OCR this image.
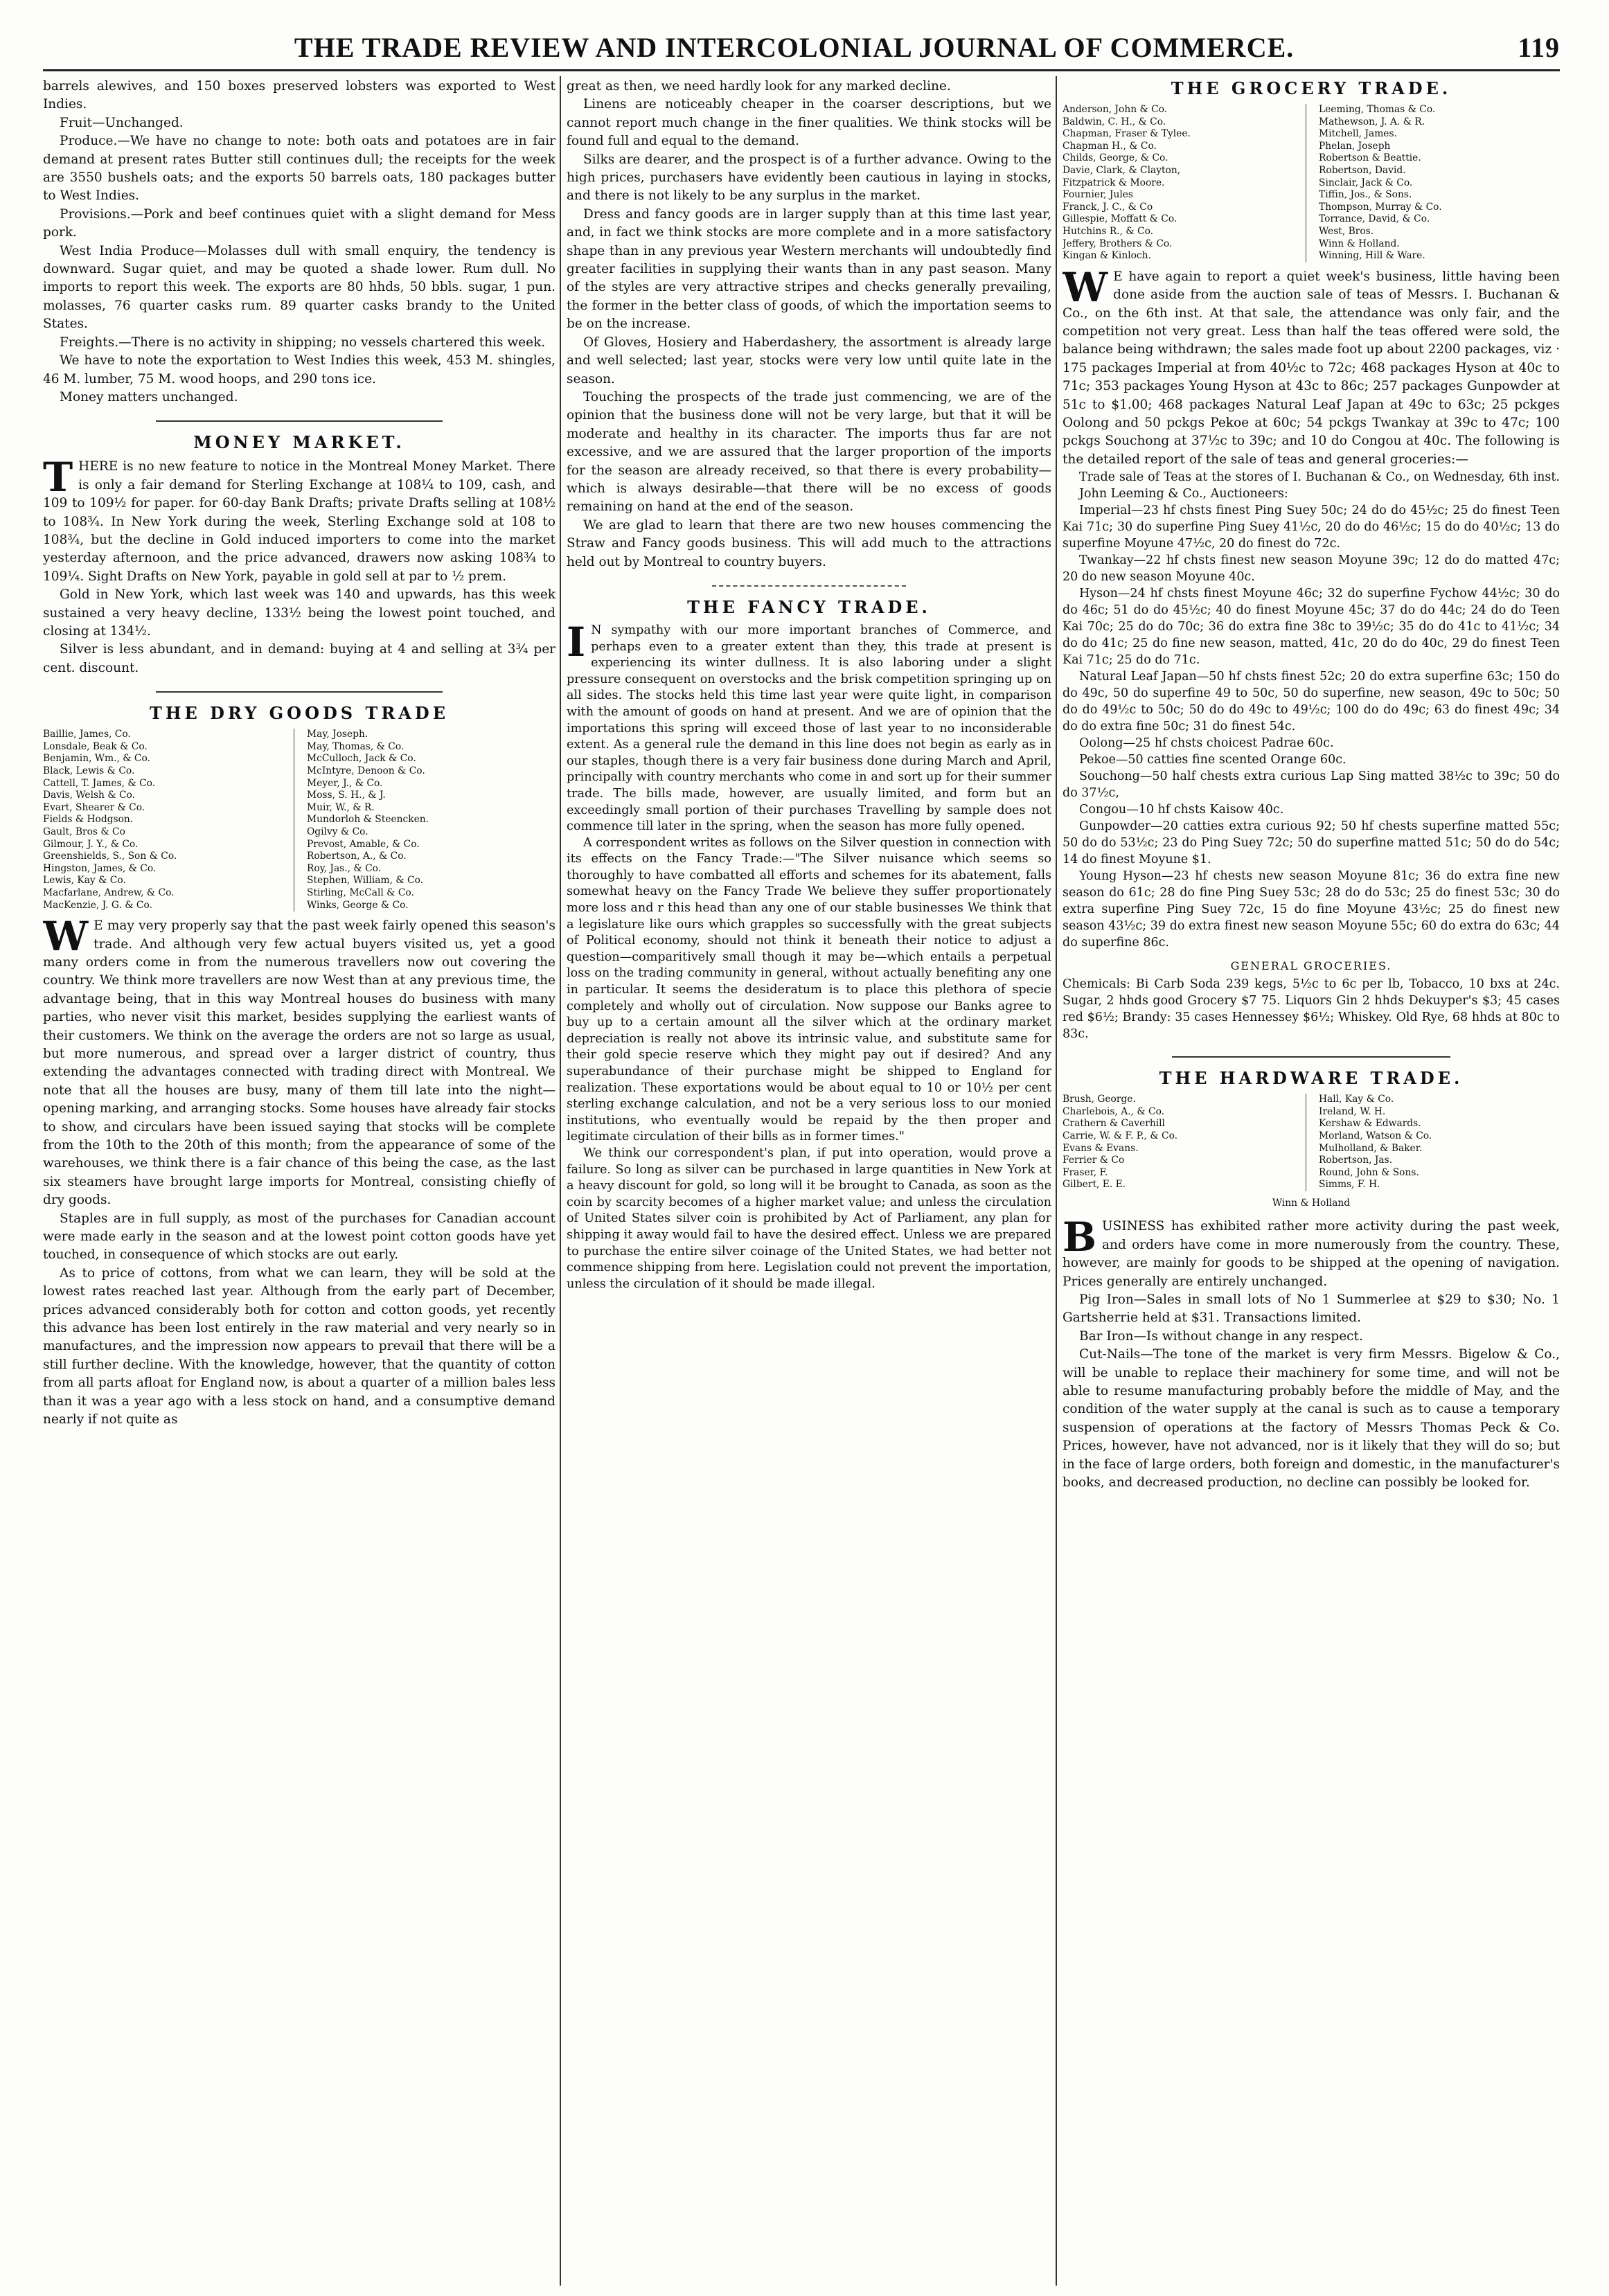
THE TRADE REVIEW AND INTERCOLONIAL JOURNAL OF COMMERCE.	119

barrels alewives, and 150 boxes preserved lobsters was exported to West Indies.

Fruit—Unchanged.

Produce.—We have no change to note: both oats and potatoes are in fair demand at present rates Butter still continues dull; the receipts for the week are 3550 bushels oats; and the exports 50 barrels oats, 180 packages butter to West Indies.

Provisions.—Pork and beef continues quiet with a slight demand for Mess pork.

West India Produce—Molasses dull with small enquiry, the tendency is downward. Sugar quiet, and may be quoted a shade lower. Rum dull. No imports to report this week. The exports are 80 hhds, 50 bbls. sugar, 1 pun. molasses, 76 quarter casks rum. 89 quarter casks brandy to the United States.

Freights.—There is no activity in shipping; no vessels chartered this week.

We have to note the exportation to West Indies this week, 453 M. shingles, 46 M. lumber, 75 M. wood hoops, and 290 tons ice.

Money matters unchanged.

MONEY MARKET.

THERE is no new feature to notice in the Montreal Money Market. There is only a fair demand for Sterling Exchange at 108¼ to 109, cash, and 109 to 109½ for paper. for 60-day Bank Drafts; private Drafts selling at 108½ to 108¾. In New York during the week, Sterling Exchange sold at 108 to 108¾, but the decline in Gold induced importers to come into the market yesterday afternoon, and the price advanced, drawers now asking 108¾ to 109¼. Sight Drafts on New York, payable in gold sell at par to ½ prem.

Gold in New York, which last week was 140 and upwards, has this week sustained a very heavy decline, 133½ being the lowest point touched, and closing at 134½.

Silver is less abundant, and in demand: buying at 4 and selling at 3¾ per cent. discount.

THE DRY GOODS TRADE
Baillie, James, Co.
Lonsdale, Beak & Co.
Benjamin, Wm., & Co.
Black, Lewis & Co.
Cattell, T. James, & Co.
Davis, Welsh & Co.
Evart, Shearer & Co.
Fields & Hodgson.
Gault, Bros & Co
Gilmour, J. Y., & Co.
Greenshields, S., Son & Co.
Hingston, James, & Co.
Lewis, Kay & Co.
Macfarlane, Andrew, & Co.
MacKenzie, J. G. & Co.
May, Joseph.
May, Thomas, & Co.
McCulloch, Jack & Co.
McIntyre, Denoon & Co.
Meyer, J., & Co.
Moss, S. H., & J.
Muir, W., & R.
Mundorloh & Steencken.
Ogilvy & Co.
Prevost, Amable, & Co.
Robertson, A., & Co.
Roy, Jas., & Co.
Stephen, William, & Co.
Stirling, McCall & Co.
Winks, George & Co.

W E may very properly say that the past week fairly opened this season's trade. And although very few actual buyers visited us, yet a good many orders come in from the numerous travellers now out covering the country. We think more travellers are now West than at any previous time, the advantage being, that in this way Montreal houses do business with many parties, who never visit this market, besides supplying the earliest wants of their customers. We think on the average the orders are not so large as usual, but more numerous, and spread over a larger district of country, thus extending the advantages connected with trading direct with Montreal. We note that all the houses are busy, many of them till late into the night—opening marking, and arranging stocks. Some houses have already fair stocks to show, and circulars have been issued saying that stocks will be complete from the 10th to the 20th of this month; from the appearance of some of the warehouses, we think there is a fair chance of this being the case, as the last six steamers have brought large imports for Montreal, consisting chiefly of dry goods.

Staples are in full supply, as most of the purchases for Canadian account were made early in the season and at the lowest point cotton goods have yet touched, in consequence of which stocks are out early.

As to price of cottons, from what we can learn, they will be sold at the lowest rates reached last year. Although from the early part of December, prices advanced considerably both for cotton and cotton goods, yet recently this advance has been lost entirely in the raw material and very nearly so in manufactures, and the impression now appears to prevail that there will be a still further decline. With the knowledge, however, that the quantity of cotton from all parts afloat for England now, is about a quarter of a million bales less than it was a year ago with a less stock on hand, and a consumptive demand nearly if not quite as

great as then, we need hardly look for any marked decline.

Linens are noticeably cheaper in the coarser descriptions, but we cannot report much change in the finer qualities. We think stocks will be found full and equal to the demand.

Silks are dearer, and the prospect is of a further advance. Owing to the high prices, purchasers have evidently been cautious in laying in stocks, and there is not likely to be any surplus in the market.

Dress and fancy goods are in larger supply than at this time last year, and, in fact we think stocks are more complete and in a more satisfactory shape than in any previous year Western merchants will undoubtedly find greater facilities in supplying their wants than in any past season. Many of the styles are very attractive stripes and checks generally prevailing, the former in the better class of goods, of which the importation seems to be on the increase.

Of Gloves, Hosiery and Haberdashery, the assortment is already large and well selected; last year, stocks were very low until quite late in the season.

Touching the prospects of the trade just commencing, we are of the opinion that the business done will not be very large, but that it will be moderate and healthy in its character. The imports thus far are not excessive, and we are assured that the larger proportion of the imports for the season are already received, so that there is every probability—which is always desirable—that there will be no excess of goods remaining on hand at the end of the season.

We are glad to learn that there are two new houses commencing the Straw and Fancy goods business. This will add much to the attractions held out by Montreal to country buyers.

THE FANCY TRADE.

I N sympathy with our more important branches of Commerce, and perhaps even to a greater extent than they, this trade at present is experiencing its winter dullness. It is also laboring under a slight pressure consequent on overstocks and the brisk competition springing up on all sides. The stocks held this time last year were quite light, in comparison with the amount of goods on hand at present. And we are of opinion that the importations this spring will exceed those of last year to no inconsiderable extent. As a general rule the demand in this line does not begin as early as in our staples, though there is a very fair business done during March and April, principally with country merchants who come in and sort up for their summer trade. The bills made, however, are usually limited, and form but an exceedingly small portion of their purchases Travelling by sample does not commence till later in the spring, when the season has more fully opened.

A correspondent writes as follows on the Silver question in connection with its effects on the Fancy Trade:—"The Silver nuisance which seems so thoroughly to have combatted all efforts and schemes for its abatement, falls somewhat heavy on the Fancy Trade We believe they suffer proportionately more loss and r this head than any one of our stable businesses We think that a legislature like ours which grapples so successfully with the great subjects of Political economy, should not think it beneath their notice to adjust a question—comparitively small though it may be—which entails a perpetual loss on the trading community in general, without actually benefiting any one in particular. It seems the desideratum is to place this plethora of specie completely and wholly out of circulation. Now suppose our Banks agree to buy up to a certain amount all the silver which at the ordinary market depreciation is really not above its intrinsic value, and substitute same for their gold specie reserve which they might pay out if desired? And any superabundance of their purchase might be shipped to England for realization. These exportations would be about equal to 10 or 10½ per cent sterling exchange calculation, and not be a very serious loss to our monied institutions, who eventually would be repaid by the then proper and legitimate circulation of their bills as in former times."

We think our correspondent's plan, if put into operation, would prove a failure. So long as silver can be purchased in large quantities in New York at a heavy discount for gold, so long will it be brought to Canada, as soon as the coin by scarcity becomes of a higher market value; and unless the circulation of United States silver coin is prohibited by Act of Parliament, any plan for shipping it away would fail to have the desired effect. Unless we are prepared to purchase the entire silver coinage of the United States, we had better not commence shipping from here. Legislation could not prevent the importation, unless the circulation of it should be made illegal.

THE GROCERY TRADE.
Anderson, John & Co.
Baldwin, C. H., & Co.
Chapman, Fraser & Tylee.
Chapman H., & Co.
Childs, George, & Co.
Davie, Clark, & Clayton,
Fitzpatrick & Moore.
Fournier, Jules
Franck, J. C., & Co
Gillespie, Moffatt & Co.
Hutchins R., & Co.
Jeffery, Brothers & Co.
Kingan & Kinloch.
Leeming, Thomas & Co.
Mathewson, J. A. & R.
Mitchell, James.
Phelan, Joseph
Robertson & Beattie.
Robertson, David.
Sinclair, Jack & Co.
Tiffin, Jos., & Sons.
Thompson, Murray & Co.
Torrance, David, & Co.
West, Bros.
Winn & Holland.
Winning, Hill & Ware.

W E have again to report a quiet week's business, little having been done aside from the auction sale of teas of Messrs. I. Buchanan & Co., on the 6th inst. At that sale, the attendance was only fair, and the competition not very great. Less than half the teas offered were sold, the balance being withdrawn; the sales made foot up about 2200 packages, viz · 175 packages Imperial at from 40½c to 72c; 468 packages Hyson at 40c to 71c; 353 packages Young Hyson at 43c to 86c; 257 packages Gunpowder at 51c to $1.00; 468 packages Natural Leaf Japan at 49c to 63c; 25 pckges Oolong and 50 pckgs Pekoe at 60c; 54 pckgs Twankay at 39c to 47c; 100 pckgs Souchong at 37½c to 39c; and 10 do Congou at 40c. The following is the detailed report of the sale of teas and general groceries:—

Trade sale of Teas at the stores of I. Buchanan & Co., on Wednesday, 6th inst. John Leeming & Co., Auctioneers:

Imperial—23 hf chsts finest Ping Suey 50c; 24 do do 45½c; 25 do finest Teen Kai 71c; 30 do superfine Ping Suey 41½c, 20 do do 46½c; 15 do do 40½c; 13 do superfine Moyune 47½c, 20 do finest do 72c.

Twankay—22 hf chsts finest new season Moyune 39c; 12 do do matted 47c; 20 do new season Moyune 40c.

Hyson—24 hf chsts finest Moyune 46c; 32 do superfine Fychow 44½c; 30 do do 46c; 51 do do 45½c; 40 do finest Moyune 45c; 37 do do 44c; 24 do do Teen Kai 70c; 25 do do 70c; 36 do extra fine 38c to 39½c; 35 do do 41c to 41½c; 34 do do 41c; 25 do fine new season, matted, 41c, 20 do do 40c, 29 do finest Teen Kai 71c; 25 do do 71c.

Natural Leaf Japan—50 hf chsts finest 52c; 20 do extra superfine 63c; 150 do do 49c, 50 do superfine 49 to 50c, 50 do superfine, new season, 49c to 50c; 50 do do 49½c to 50c; 50 do do 49c to 49½c; 100 do do 49c; 63 do finest 49c; 34 do do extra fine 50c; 31 do finest 54c.

Oolong—25 hf chsts choicest Padrae 60c.

Pekoe—50 catties fine scented Orange 60c.

Souchong—50 half chests extra curious Lap Sing matted 38½c to 39c; 50 do do 37½c,

Congou—10 hf chsts Kaisow 40c.

Gunpowder—20 catties extra curious 92; 50 hf chests superfine matted 55c; 50 do do 53½c; 23 do Ping Suey 72c; 50 do superfine matted 51c; 50 do do 54c; 14 do finest Moyune $1.

Young Hyson—23 hf chests new season Moyune 81c; 36 do extra fine new season do 61c; 28 do fine Ping Suey 53c; 28 do do 53c; 25 do finest 53c; 30 do extra superfine Ping Suey 72c, 15 do fine Moyune 43½c; 25 do finest new season 43½c; 39 do extra finest new season Moyune 55c; 60 do extra do 63c; 44 do superfine 86c.

GENERAL GROCERIES.

Chemicals: Bi Carb Soda 239 kegs, 5½c to 6c per lb, Tobacco, 10 bxs at 24c. Sugar, 2 hhds good Grocery $7 75. Liquors Gin 2 hhds Dekuyper's $3; 45 cases red $6½; Brandy: 35 cases Hennessey $6½; Whiskey. Old Rye, 68 hhds at 80c to 83c.

THE HARDWARE TRADE.
Brush, George.
Charlebois, A., & Co.
Crathern & Caverhill
Carrie, W. & F. P., & Co.
Evans & Evans.
Ferrier & Co
Fraser, F.
Gilbert, E. E.
Hall, Kay & Co.
Ireland, W. H.
Kershaw & Edwards.
Morland, Watson & Co.
Mulholland, & Baker.
Robertson, Jas.
Round, John & Sons.
Simms, F. H.
Winn & Holland

BUSINESS has exhibited rather more activity during the past week, and orders have come in more numerously from the country. These, however, are mainly for goods to be shipped at the opening of navigation. Prices generally are entirely unchanged.

Pig Iron—Sales in small lots of No 1 Summerlee at $29 to $30; No. 1 Gartsherrie held at $31. Transactions limited.

Bar Iron—Is without change in any respect.

Cut-Nails—The tone of the market is very firm Messrs. Bigelow & Co., will be unable to replace their machinery for some time, and will not be able to resume manufacturing probably before the middle of May, and the condition of the water supply at the canal is such as to cause a temporary suspension of operations at the factory of Messrs Thomas Peck & Co. Prices, however, have not advanced, nor is it likely that they will do so; but in the face of large orders, both foreign and domestic, in the manufacturer's books, and decreased production, no decline can possibly be looked for.
